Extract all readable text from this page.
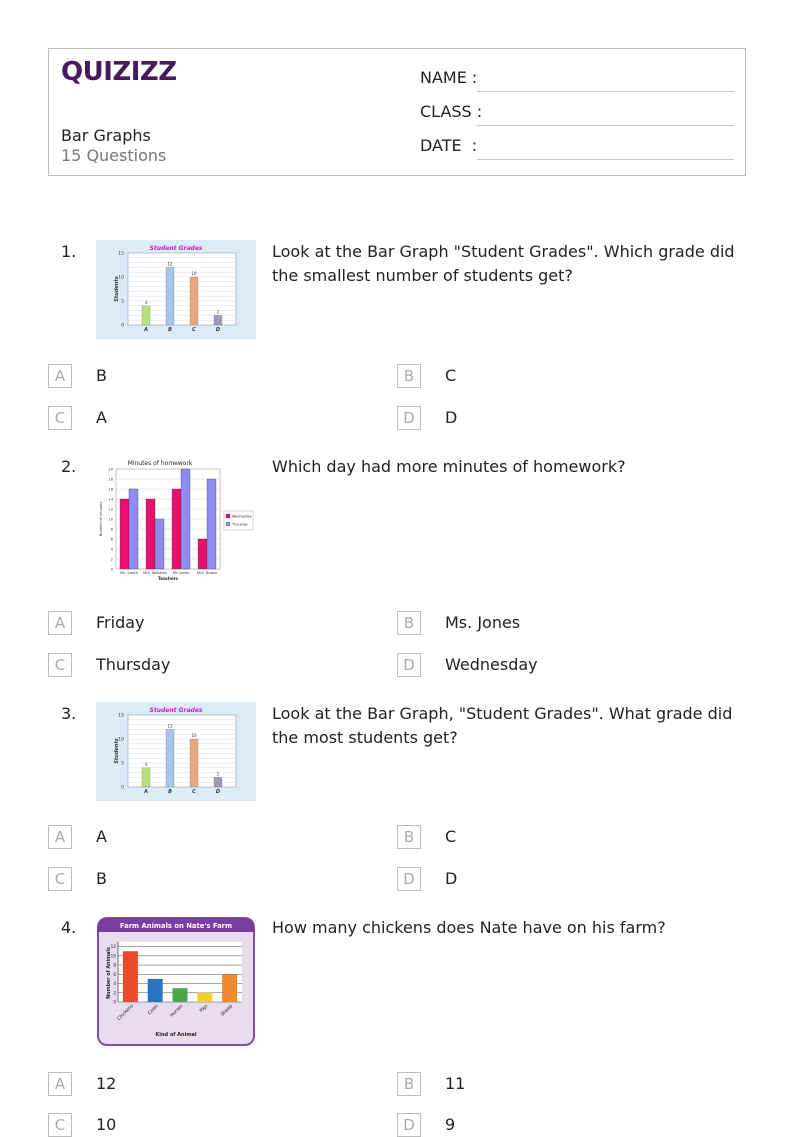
QUIZIZZ
Bar Graphs
15 Questions
NAME :
CLASS :
DATE  :
1.
0
5
10
15
Student Grades
Students
4
A
12
B
10
C
2
D
Look at the Bar Graph "Student Grades". Which grade did the smallest number of students get?
A	B	B	C
C	A	D	D
2.	Minutes of homework
0
2
4
6
8
10
12
14
16
18
20
Number of minutes
Ms. Smith Mrs. Williams Mr. Jones Mrs. Brown
Teachers
Wednesday
Thursday
Which day had more minutes of homework?
A	Friday	B	Ms. Jones
C	Thursday	D	Wednesday
3.
0
5
10
15
Student Grades
Students
4
A
12
B
10
C
2
D
Look at the Bar Graph, "Student Grades". What grade did the most students get?
A	A	B	C
C	B	D	D
4.	Farm Animals on Nate's Farm
0
2
4
6
8
10
12
Number of Animals
Chickens	Cows Horses	Pigs Sheep
Kind of Animal
How many chickens does Nate have on his farm?
A	12	B	11
C	10	D	9
